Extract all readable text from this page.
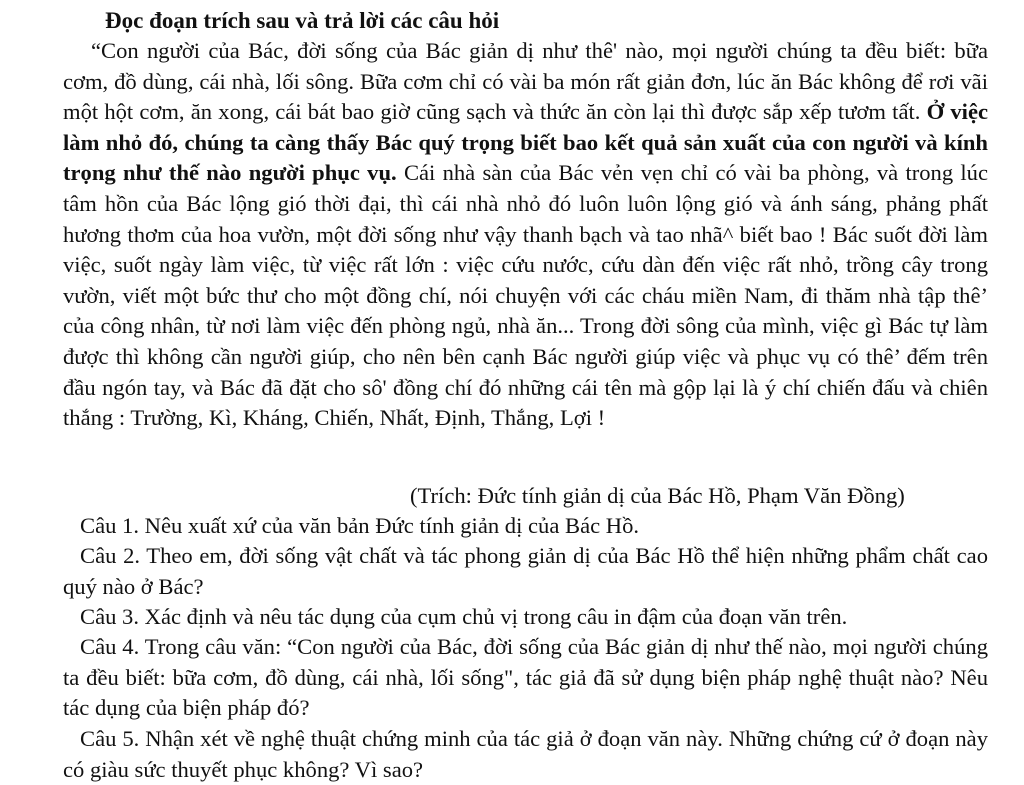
Đọc đoạn trích sau và trả lời các câu hỏi
“Con người của Bác, đời sống của Bác giản dị như thê' nào, mọi người chúng ta đều biết: bữa cơm, đồ dùng, cái nhà, lối sông. Bữa cơm chỉ có vài ba món rất giản đơn, lúc ăn Bác không để rơi vãi một hột cơm, ăn xong, cái bát bao giờ cũng sạch và thức ăn còn lại thì được sắp xếp tươm tất. Ở việc làm nhỏ đó, chúng ta càng thấy Bác quý trọng biết bao kết quả sản xuất của con người và kính trọng như thế nào người phục vụ. Cái nhà sàn của Bác vẻn vẹn chỉ có vài ba phòng, và trong lúc tâm hồn của Bác lộng gió thời đại, thì cái nhà nhỏ đó luôn luôn lộng gió và ánh sáng, phảng phất hương thơm của hoa vườn, một đời sống như vậy thanh bạch và tao nhã^ biết bao ! Bác suốt đời làm việc, suốt ngày làm việc, từ việc rất lớn : việc cứu nước, cứu dàn đến việc rất nhỏ, trồng cây trong vườn, viết một bức thư cho một đồng chí, nói chuyện với các cháu miền Nam, đi thăm nhà tập thê’ của công nhân, từ nơi làm việc đến phòng ngủ, nhà ăn... Trong đời sông của mình, việc gì Bác tự làm được thì không cần người giúp, cho nên bên cạnh Bác người giúp việc và phục vụ có thê’ đếm trên đầu ngón tay, và Bác đã đặt cho sô' đồng chí đó những cái tên mà gộp lại là ý chí chiến đấu và chiên thắng : Trường, Kì, Kháng, Chiến, Nhất, Định, Thắng, Lợi !
(Trích: Đức tính giản dị của Bác Hồ, Phạm Văn Đồng)
Câu 1. Nêu xuất xứ của văn bản Đức tính giản dị của Bác Hồ.
Câu 2. Theo em, đời sống vật chất và tác phong giản dị của Bác Hồ thể hiện những phẩm chất cao quý nào ở Bác?
Câu 3. Xác định và nêu tác dụng của cụm chủ vị trong câu in đậm của đoạn văn trên.
Câu 4. Trong câu văn: “Con người của Bác, đời sống của Bác giản dị như thế nào, mọi người chúng ta đều biết: bữa cơm, đồ dùng, cái nhà, lối sống", tác giả đã sử dụng biện pháp nghệ thuật nào? Nêu tác dụng của biện pháp đó?
Câu 5. Nhận xét về nghệ thuật chứng minh của tác giả ở đoạn văn này. Những chứng cứ ở đoạn này có giàu sức thuyết phục không? Vì sao?
